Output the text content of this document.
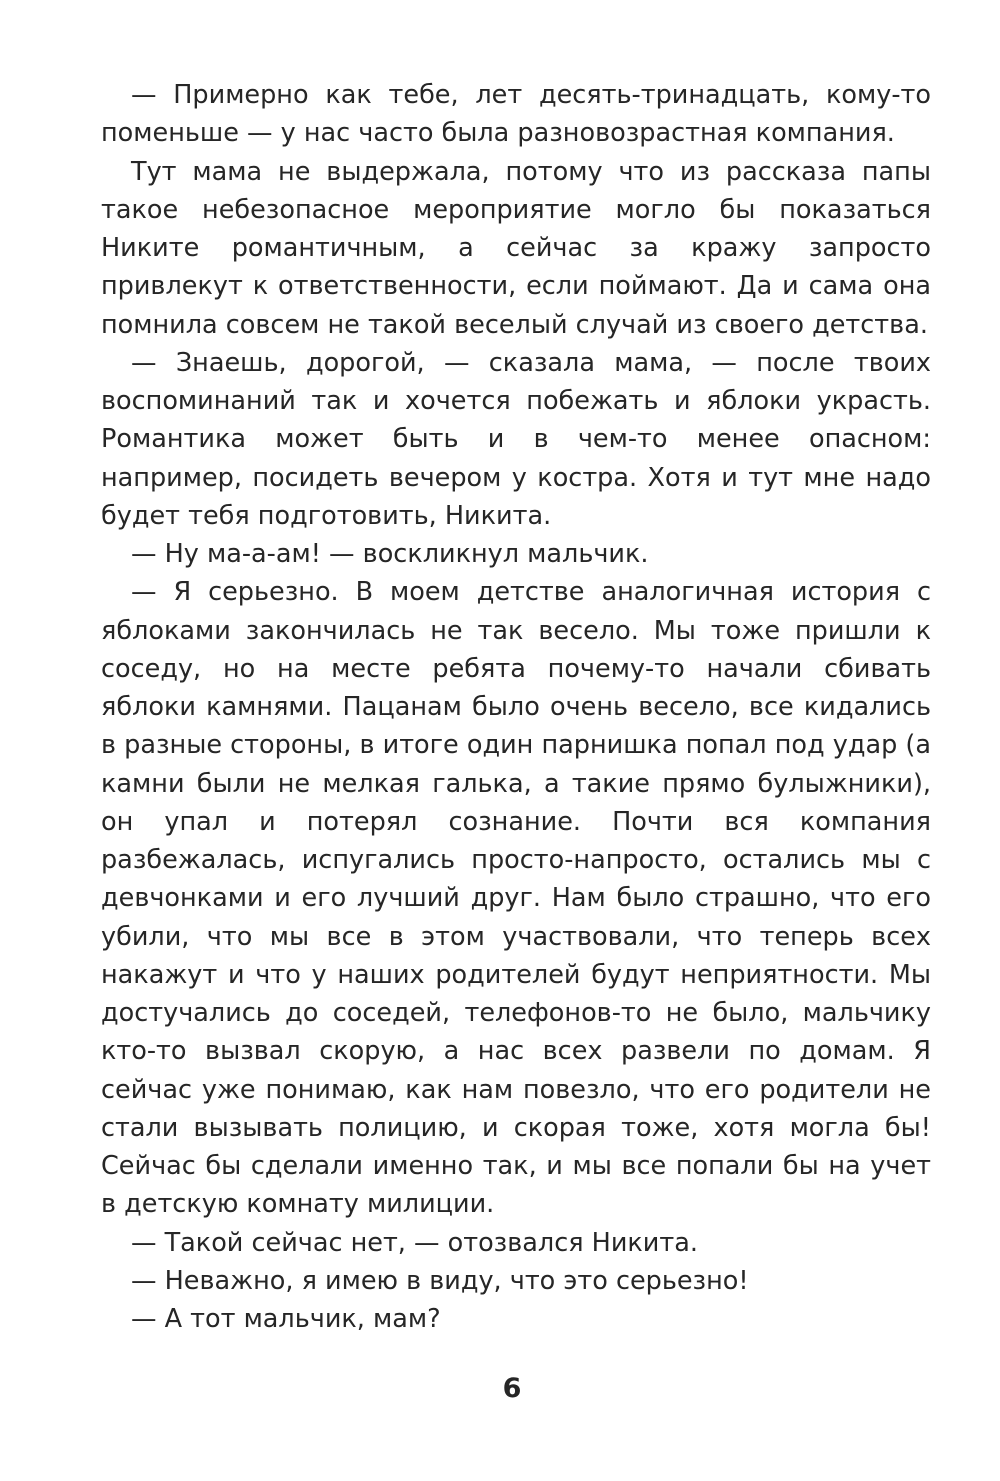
— Примерно как тебе, лет десять-тринадцать, кому-то поменьше — у нас часто была разновозрастная компания.

Тут мама не выдержала, потому что из рассказа папы такое небезопасное мероприятие могло бы показаться Никите романтичным, а сейчас за кражу запросто привлекут к ответственности, если поймают. Да и сама она помнила совсем не такой веселый случай из своего детства.

— Знаешь, дорогой, — сказала мама, — после твоих воспоминаний так и хочется побежать и яблоки украсть. Романтика может быть и в чем-то менее опасном: например, посидеть вечером у костра. Хотя и тут мне надо будет тебя подготовить, Никита.

— Ну ма-а-ам! — воскликнул мальчик.

— Я серьезно. В моем детстве аналогичная история с яблоками закончилась не так весело. Мы тоже пришли к соседу, но на месте ребята почему-то начали сбивать яблоки камнями. Пацанам было очень весело, все кидались в разные стороны, в итоге один парнишка попал под удар (а камни были не мелкая галька, а такие прямо булыжники), он упал и потерял сознание. Почти вся компания разбежалась, испугались просто-напросто, остались мы с девчонками и его лучший друг. Нам было страшно, что его убили, что мы все в этом участвовали, что теперь всех накажут и что у наших родителей будут неприятности. Мы достучались до соседей, телефонов-то не было, мальчику кто-то вызвал скорую, а нас всех развели по домам. Я сейчас уже понимаю, как нам повезло, что его родители не стали вызывать полицию, и скорая тоже, хотя могла бы! Сейчас бы сделали именно так, и мы все попали бы на учет в детскую комнату милиции.

— Такой сейчас нет, — отозвался Никита.

— Неважно, я имею в виду, что это серьезно!

— А тот мальчик, мам?

6
